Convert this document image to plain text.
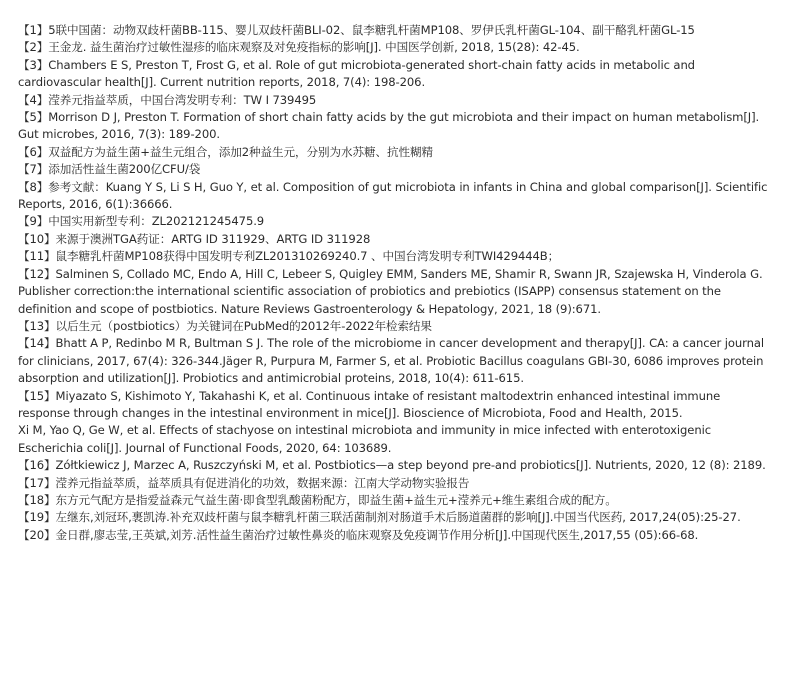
【1】5联中国菌：动物双歧杆菌BB-115、婴儿双歧杆菌BLI-02、鼠李糖乳杆菌MP108、罗伊氏乳杆菌GL-104、副干酪乳杆菌GL-15

【2】王金龙. 益生菌治疗过敏性湿疹的临床观察及对免疫指标的影响[J]. 中国医学创新, 2018, 15(28): 42-45.

【3】Chambers E S, Preston T, Frost G, et al. Role of gut microbiota-generated short-chain fatty acids in metabolic and cardiovascular health[J]. Current nutrition reports, 2018, 7(4): 198-206.

【4】滢养元指益萃质，中国台湾发明专利：TW I 739495

【5】Morrison D J, Preston T. Formation of short chain fatty acids by the gut microbiota and their impact on human metabolism[J]. Gut microbes, 2016, 7(3): 189-200.

【6】双益配方为益生菌+益生元组合，添加2种益生元，分别为水苏糖、抗性糊精

【7】添加活性益生菌200亿CFU/袋

【8】参考文献：Kuang Y S, Li S H, Guo Y, et al. Composition of gut microbiota in infants in China and global comparison[J]. Scientific Reports, 2016, 6(1):36666.

【9】中国实用新型专利：ZL202121245475.9

【10】来源于澳洲TGA药证：ARTG ID 311929、ARTG ID 311928

【11】鼠李糖乳杆菌MP108获得中国发明专利ZL201310269240.7 、中国台湾发明专利TWI429444B；

【12】Salminen S, Collado MC, Endo A, Hill C, Lebeer S, Quigley EMM, Sanders ME, Shamir R, Swann JR, Szajewska H, Vinderola G. Publisher correction:the international scientific association of probiotics and prebiotics (ISAPP) consensus statement on the definition and scope of postbiotics. Nature Reviews Gastroenterology & Hepatology, 2021, 18 (9):671.

【13】以后生元（postbiotics）为关键词在PubMed的2012年-2022年检索结果

【14】Bhatt A P, Redinbo M R, Bultman S J. The role of the microbiome in cancer development and therapy[J]. CA: a cancer journal for clinicians, 2017, 67(4): 326-344.Jäger R, Purpura M, Farmer S, et al. Probiotic Bacillus coagulans GBI-30, 6086 improves protein absorption and utilization[J]. Probiotics and antimicrobial proteins, 2018, 10(4): 611-615.

【15】Miyazato S, Kishimoto Y, Takahashi K, et al. Continuous intake of resistant maltodextrin enhanced intestinal immune response through changes in the intestinal environment in mice[J]. Bioscience of Microbiota, Food and Health, 2015.

Xi M, Yao Q, Ge W, et al. Effects of stachyose on intestinal microbiota and immunity in mice infected with enterotoxigenic Escherichia coli[J]. Journal of Functional Foods, 2020, 64: 103689.

【16】Zółtkiewicz J, Marzec A, Ruszczyński M, et al. Postbiotics—a step beyond pre-and probiotics[J]. Nutrients, 2020, 12 (8): 2189.

【17】滢养元指益萃质，益萃质具有促进消化的功效，数据来源：江南大学动物实验报告

【18】东方元气配方是指爱益森元气益生菌·即食型乳酸菌粉配方，即益生菌+益生元+滢养元+维生素组合成的配方。

【19】左继东,刘冠环,裹凯涛.补充双歧杆菌与鼠李糖乳杆菌三联活菌制剂对肠道手术后肠道菌群的影响[J].中国当代医药, 2017,24(05):25-27.

【20】金日群,廖志莹,王英斌,刘芳.活性益生菌治疗过敏性鼻炎的临床观察及免疫调节作用分析[J].中国现代医生,2017,55 (05):66-68.
